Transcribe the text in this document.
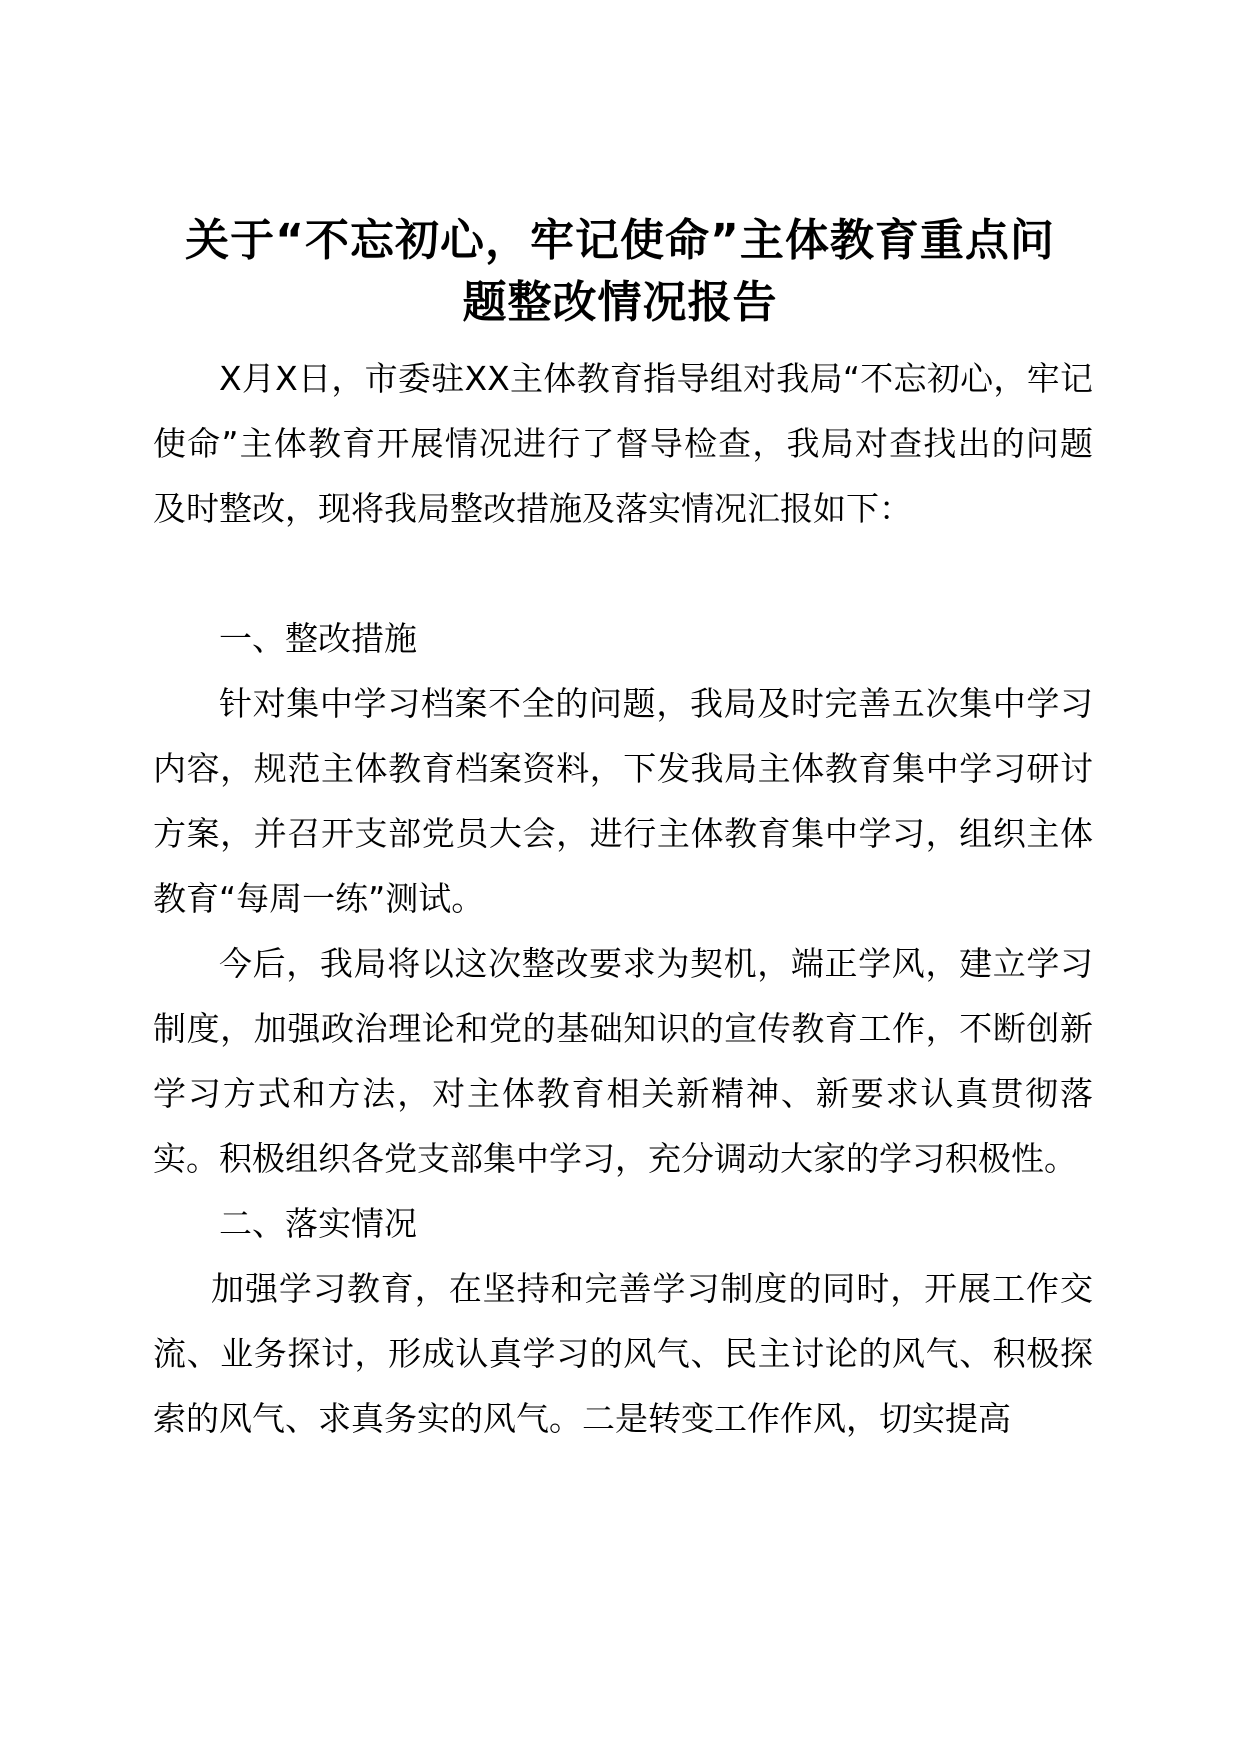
关于“不忘初心，牢记使命”主体教育重点问
题整改情况报告

X月X日，市委驻XX主体教育指导组对我局“不忘初心，牢记使命”主体教育开展情况进行了督导检查，我局对查找出的问题及时整改，现将我局整改措施及落实情况汇报如下：

一、整改措施

针对集中学习档案不全的问题，我局及时完善五次集中学习内容，规范主体教育档案资料，下发我局主体教育集中学习研讨方案，并召开支部党员大会，进行主体教育集中学习，组织主体教育“每周一练”测试。

今后，我局将以这次整改要求为契机，端正学风，建立学习制度，加强政治理论和党的基础知识的宣传教育工作，不断创新学习方式和方法，对主体教育相关新精神、新要求认真贯彻落实。积极组织各党支部集中学习，充分调动大家的学习积极性。

二、落实情况

加强学习教育，在坚持和完善学习制度的同时，开展工作交流、业务探讨，形成认真学习的风气、民主讨论的风气、积极探索的风气、求真务实的风气。二是转变工作作风，切实提高
